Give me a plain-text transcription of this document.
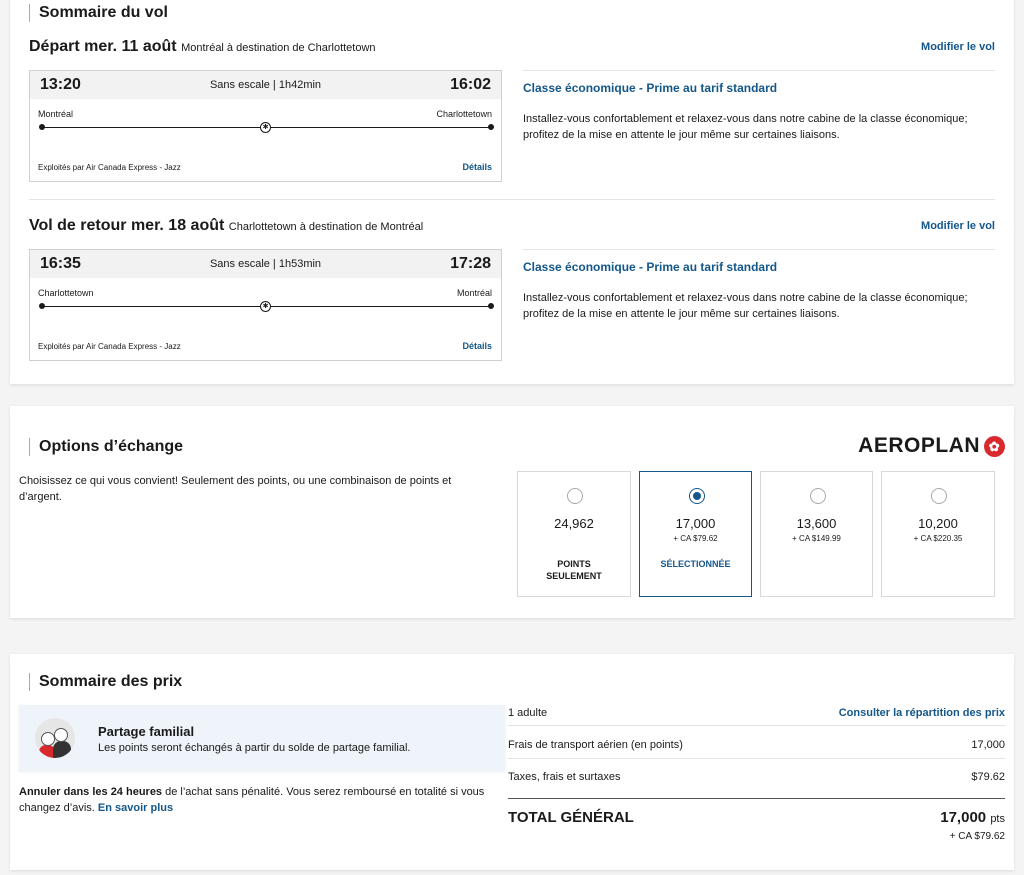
Sommaire du vol
Départ mer. 11 août Montréal à destination de Charlottetown	Modifier le vol
13:20	Sans escale | 1h42min	16:02
Montréal	Charlottetown
✱
Exploités par Air Canada Express - Jazz	Détails
Classe économique - Prime au tarif standard
Installez-vous confortablement et relaxez-vous dans notre cabine de la classe économique; profitez de la mise en attente le jour même sur certaines liaisons.
Vol de retour mer. 18 août Charlottetown à destination de Montréal	Modifier le vol
16:35	Sans escale | 1h53min	17:28
Charlottetown	Montréal
✱
Exploités par Air Canada Express - Jazz	Détails
Classe économique - Prime au tarif standard
Installez-vous confortablement et relaxez-vous dans notre cabine de la classe économique; profitez de la mise en attente le jour même sur certaines liaisons.
Options d’échange	AEROPLAN ✿
Choisissez ce qui vous convient! Seulement des points, ou une combinaison de points et d’argent.
24,962
POINTS
SEULEMENT
17,000
+ CA $79.62
SÉLECTIONNÉE
13,600
+ CA $149.99
10,200
+ CA $220.35
Sommaire des prix
Partage familial
Les points seront échangés à partir du solde de partage familial.
Annuler dans les 24 heures de l’achat sans pénalité. Vous serez remboursé en totalité si vous changez d’avis. En savoir plus
1 adulte	Consulter la répartition des prix
Frais de transport aérien (en points)	17,000
Taxes, frais et surtaxes	$79.62
TOTAL GÉNÉRAL	17,000 pts
+ CA $79.62
